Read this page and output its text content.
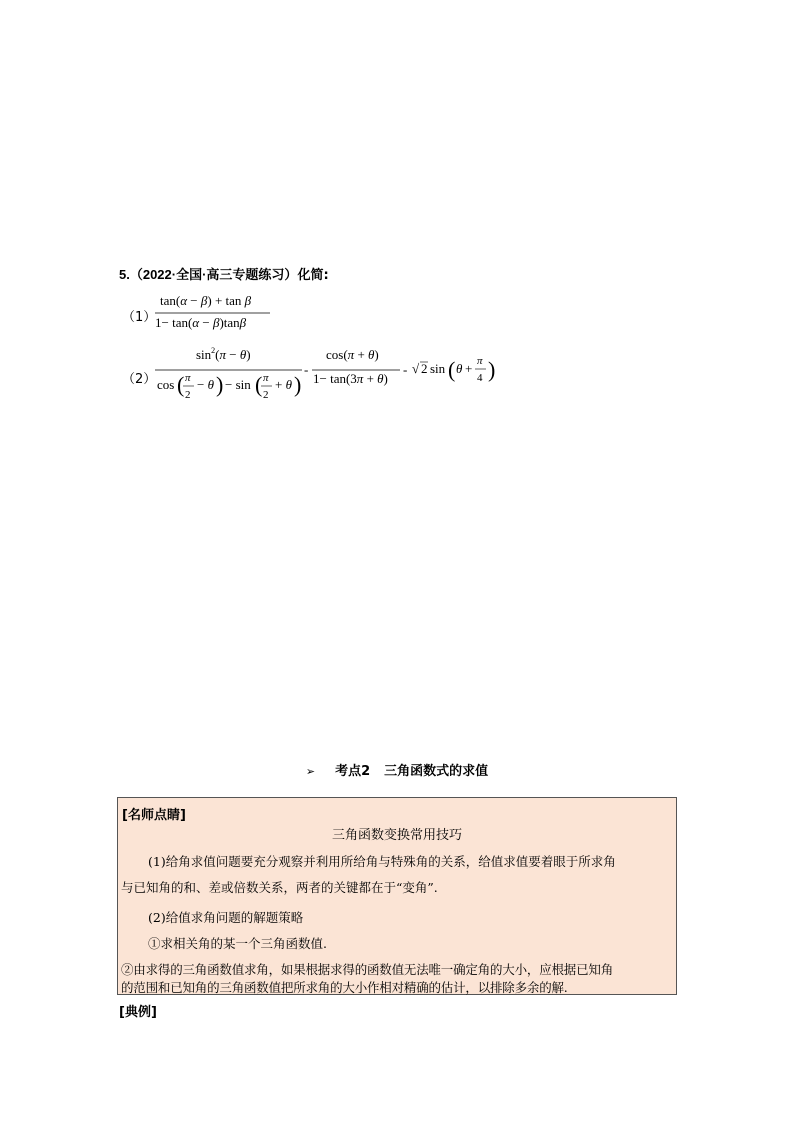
5.（2022·全国·高三专题练习）化简:
（1）
tan(α − β) + tan β
1− tan(α − β)tanβ
（2）
$\sin^2(\pi - \theta)$
cos ( π
2
− θ ) − sin ( π
2
+ θ )
-
cos(π + θ)
1− tan(3π + θ)
- √ 2 sin ( θ + π
4 )
➢ 考点2 三角函数式的求值
[名师点睛]
三角函数变换常用技巧
(1)给角求值问题要充分观察并利用所给角与特殊角的关系，给值求值要着眼于所求角
与已知角的和、差或倍数关系，两者的关键都在于“变角”.
(2)给值求角问题的解题策略
①求相关角的某一个三角函数值.
②由求得的三角函数值求角，如果根据求得的函数值无法唯一确定角的大小，应根据已知角
的范围和已知角的三角函数值把所求角的大小作相对精确的估计，以排除多余的解.
[典例]
